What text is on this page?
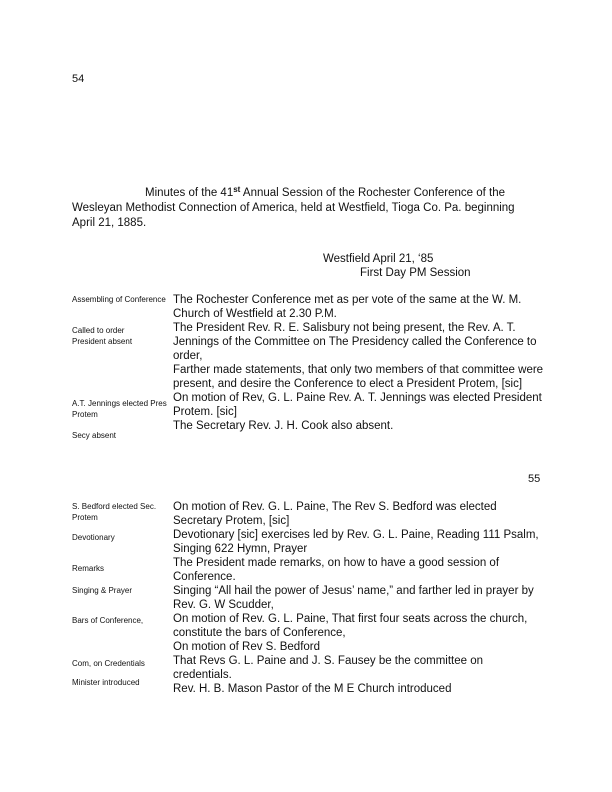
54
Minutes of the 41st Annual Session of the Rochester Conference of the
Wesleyan Methodist Connection of America, held at Westfield, Tioga Co. Pa. beginning
April 21, 1885.
Westfield April 21, ‘85
First Day PM Session
Assembling of Conference
Called to order
President absent
A.T. Jennings elected Pres Protem
Secy absent

The Rochester Conference met as per vote of the same at the W. M. Church of Westfield at 2.30 P.M.

The President Rev. R. E. Salisbury not being present, the Rev. A. T. Jennings of the Committee on The Presidency called the Conference to order,

Farther made statements, that only two members of that committee were present, and desire the Conference to elect a President Protem, [sic]

On motion of Rev, G. L. Paine Rev. A. T. Jennings was elected President Protem. [sic]

The Secretary Rev. J. H. Cook also absent.

55
S. Bedford elected Sec. Protem
Devotionary
Remarks
Singing & Prayer
Bars of Conference,
Com, on Credentials
Minister introduced

On motion of Rev. G. L. Paine, The Rev S. Bedford was elected Secretary Protem, [sic]

Devotionary [sic] exercises led by Rev. G. L. Paine, Reading 111 Psalm, Singing 622 Hymn, Prayer

The President made remarks, on how to have a good session of Conference.

Singing “All hail the power of Jesus’ name,” and farther led in prayer by Rev. G. W Scudder,

On motion of Rev. G. L. Paine, That first four seats across the church, constitute the bars of Conference,

On motion of Rev S. Bedford

That Revs G. L. Paine and J. S. Fausey be the committee on credentials.

Rev. H. B. Mason Pastor of the M E Church introduced
